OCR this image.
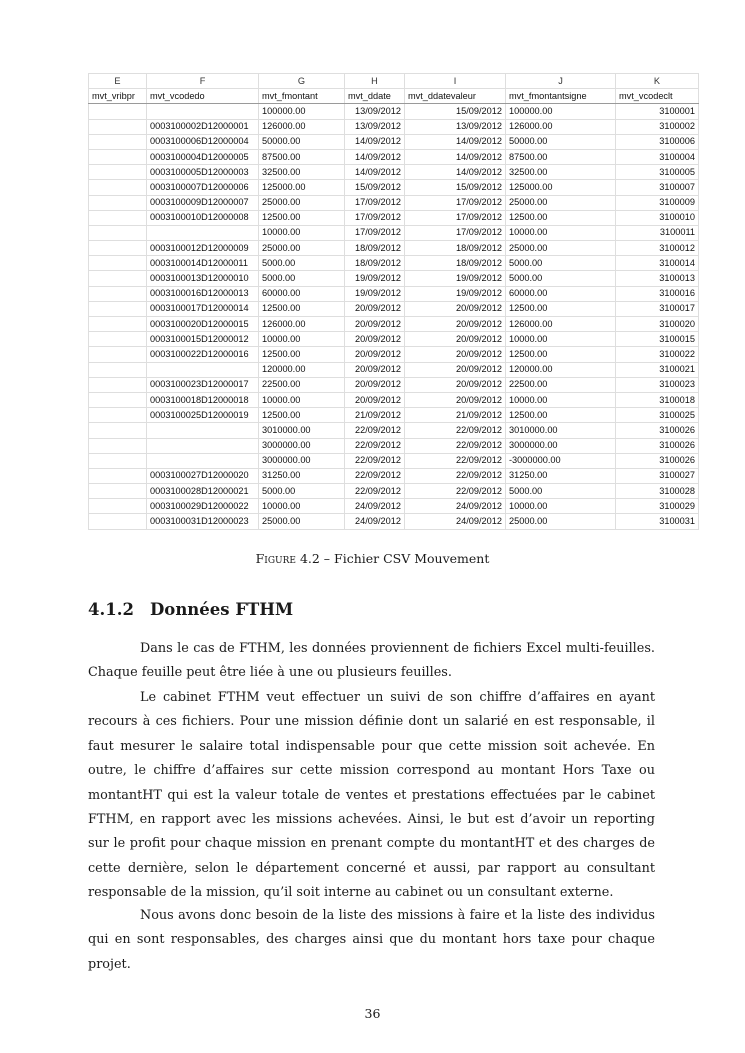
E	F	G	H	I	J	K
mvt_vribpr	mvt_vcodedo	mvt_fmontant	mvt_ddate	mvt_ddatevaleur	mvt_fmontantsigne	mvt_vcodeclt
		100000.00	13/09/2012	15/09/2012	100000.00	3100001
	0003100002D12000001	126000.00	13/09/2012	13/09/2012	126000.00	3100002
	0003100006D12000004	50000.00	14/09/2012	14/09/2012	50000.00	3100006
	0003100004D12000005	87500.00	14/09/2012	14/09/2012	87500.00	3100004
	0003100005D12000003	32500.00	14/09/2012	14/09/2012	32500.00	3100005
	0003100007D12000006	125000.00	15/09/2012	15/09/2012	125000.00	3100007
	0003100009D12000007	25000.00	17/09/2012	17/09/2012	25000.00	3100009
	0003100010D12000008	12500.00	17/09/2012	17/09/2012	12500.00	3100010
		10000.00	17/09/2012	17/09/2012	10000.00	3100011
	0003100012D12000009	25000.00	18/09/2012	18/09/2012	25000.00	3100012
	0003100014D12000011	5000.00	18/09/2012	18/09/2012	5000.00	3100014
	0003100013D12000010	5000.00	19/09/2012	19/09/2012	5000.00	3100013
	0003100016D12000013	60000.00	19/09/2012	19/09/2012	60000.00	3100016
	0003100017D12000014	12500.00	20/09/2012	20/09/2012	12500.00	3100017
	0003100020D12000015	126000.00	20/09/2012	20/09/2012	126000.00	3100020
	0003100015D12000012	10000.00	20/09/2012	20/09/2012	10000.00	3100015
	0003100022D12000016	12500.00	20/09/2012	20/09/2012	12500.00	3100022
		120000.00	20/09/2012	20/09/2012	120000.00	3100021
	0003100023D12000017	22500.00	20/09/2012	20/09/2012	22500.00	3100023
	0003100018D12000018	10000.00	20/09/2012	20/09/2012	10000.00	3100018
	0003100025D12000019	12500.00	21/09/2012	21/09/2012	12500.00	3100025
		3010000.00	22/09/2012	22/09/2012	3010000.00	3100026
		3000000.00	22/09/2012	22/09/2012	3000000.00	3100026
		3000000.00	22/09/2012	22/09/2012	-3000000.00	3100026
	0003100027D12000020	31250.00	22/09/2012	22/09/2012	31250.00	3100027
	0003100028D12000021	5000.00	22/09/2012	22/09/2012	5000.00	3100028
	0003100029D12000022	10000.00	24/09/2012	24/09/2012	10000.00	3100029
	0003100031D12000023	25000.00	24/09/2012	24/09/2012	25000.00	3100031
Figure 4.2 – Fichier CSV Mouvement
4.1.2 Données FTHM

Dans le cas de FTHM, les données proviennent de fichiers Excel multi-feuilles. Chaque feuille peut être liée à une ou plusieurs feuilles.

Le cabinet FTHM veut effectuer un suivi de son chiffre d’affaires en ayant recours à ces fichiers. Pour une mission définie dont un salarié en est responsable, il faut mesurer le salaire total indispensable pour que cette mission soit achevée. En outre, le chiffre d’affaires sur cette mission correspond au montant Hors Taxe ou montantHT qui est la valeur totale de ventes et prestations effectuées par le cabinet FTHM, en rapport avec les missions achevées. Ainsi, le but est d’avoir un reporting sur le profit pour chaque mission en prenant compte du montantHT et des charges de cette dernière, selon le département concerné et aussi, par rapport au consultant responsable de la mission, qu’il soit interne au cabinet ou un consultant externe.

Nous avons donc besoin de la liste des missions à faire et la liste des individus qui en sont responsables, des charges ainsi que du montant hors taxe pour chaque projet.

36
